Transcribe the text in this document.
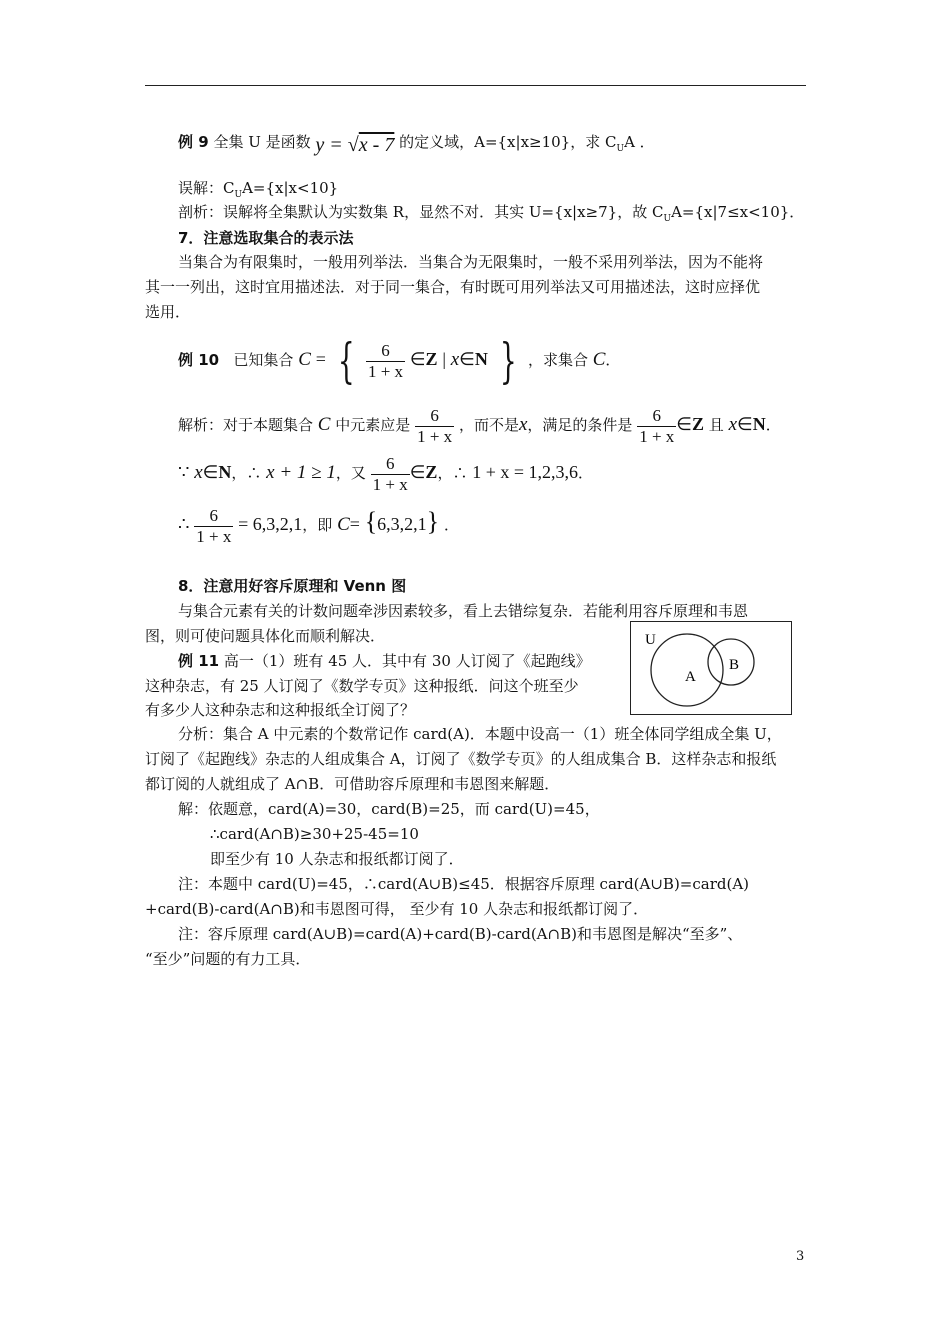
例 9 全集 U 是函数 y = √x - 7 的定义域，A={x|x≥10}，求 $C_UA$ ．
误解：$C_UA=\{x|x<10\}$
剖析：误解将全集默认为实数集 R，显然不对．其实 U={x|x≥7}，故 $C_UA=\{x|7\le x<10\}$．
7．注意选取集合的表示法
当集合为有限集时，一般用列举法．当集合为无限集时，一般不采用列举法，因为不能将
其一一列出，这时宜用描述法．对于同一集合，有时既可用列举法又可用描述法，这时应择优
选用．
例 10 已知集合 C = { $\frac{6}{1 + x}$ ∈Z | x∈N } ，求集合 C．
解析：对于本题集合 C 中元素应是 $\frac{6}{1 + x}$ ，而不是x，满足的条件是 $\frac{6}{1 + x}$ ∈Z 且 x∈N．
∵ x∈N，∴ x + 1 ≥ 1，又 $\frac{6}{1 + x}$ ∈Z，∴ 1 + x = 1,2,3,6．
∴ $\frac{6}{1 + x} = 6,3,2,1$，即 C= {6,3,2,1} ．
8．注意用好容斥原理和 Venn 图
与集合元素有关的计数问题牵涉因素较多，看上去错综复杂．若能利用容斥原理和韦恩
图，则可使问题具体化而顺利解决．
例 11 高一（1）班有 45 人．其中有 30 人订阅了《起跑线》
这种杂志，有 25 人订阅了《数学专页》这种报纸．问这个班至少
有多少人这种杂志和这种报纸全订阅了？
U
A
B
分析：集合 A 中元素的个数常记作 card(A)．本题中设高一（1）班全体同学组成全集 U，
订阅了《起跑线》杂志的人组成集合 A，订阅了《数学专页》的人组成集合 B．这样杂志和报纸
都订阅的人就组成了 A∩B．可借助容斥原理和韦恩图来解题．
解：依题意，card(A)=30，card(B)=25，而 card(U)=45，
∴card(A∩B)≥30+25-45=10
即至少有 10 人杂志和报纸都订阅了．
注：本题中 card(U)=45，∴card(A∪B)≤45．根据容斥原理 card(A∪B)=card(A)
+card(B)-card(A∩B)和韦恩图可得， 至少有 10 人杂志和报纸都订阅了．
注：容斥原理 card(A∪B)=card(A)+card(B)-card(A∩B)和韦恩图是解决“至多”、
“至少”问题的有力工具．
3
